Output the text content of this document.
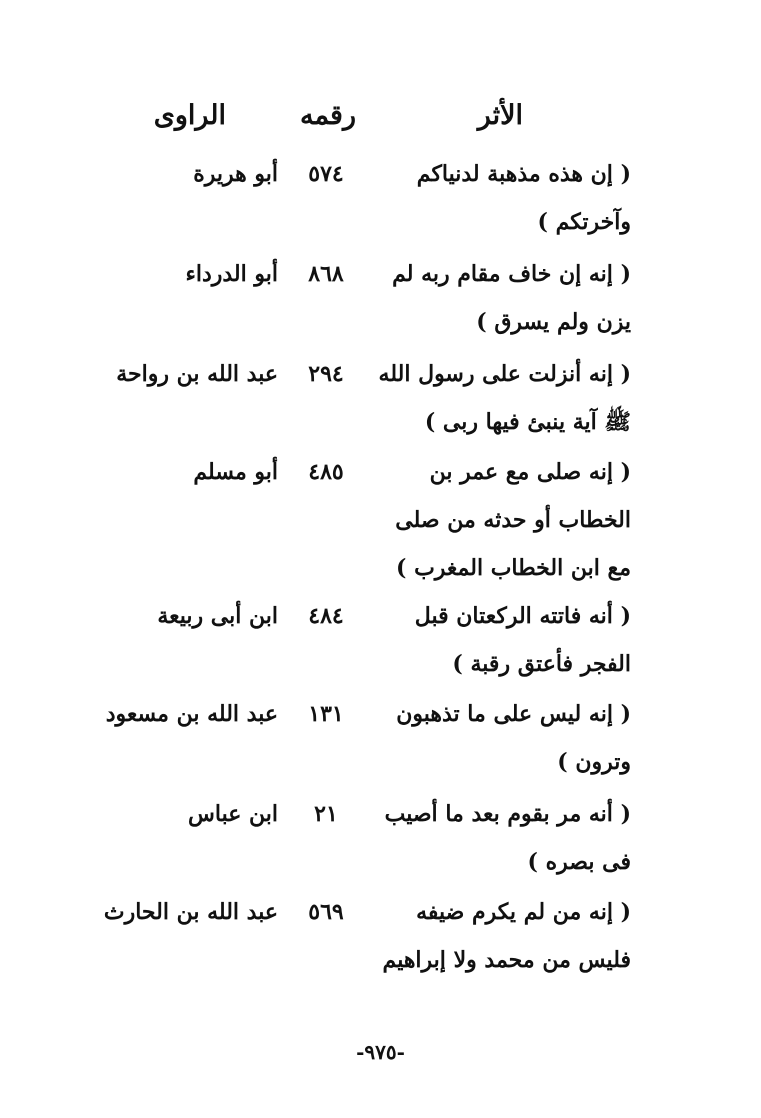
الأثر
رقمه
الراوى
( إن هذه مذهبة لدنياكم
وآخرتكم )
٥٧٤
أبو هريرة
( إنه إن خاف مقام ربه لم
يزن ولم يسرق )
٨٦٨
أبو الدرداء
( إنه أنزلت على رسول الله
ﷺ آية ينبئ فيها ربى )
٢٩٤
عبد الله بن رواحة
( إنه صلى مع عمر بن
الخطاب أو حدثه من صلى
مع ابن الخطاب المغرب )
٤٨٥
أبو مسلم
( أنه فاتته الركعتان قبل
الفجر فأعتق رقبة )
٤٨٤
ابن أبى ربيعة
( إنه ليس على ما تذهبون
وترون )
١٣١
عبد الله بن مسعود
( أنه مر بقوم بعد ما أصيب
فى بصره )
٢١
ابن عباس
( إنه من لم يكرم ضيفه
فليس من محمد ولا إبراهيم
٥٦٩
عبد الله بن الحارث
-٩٧٥-
